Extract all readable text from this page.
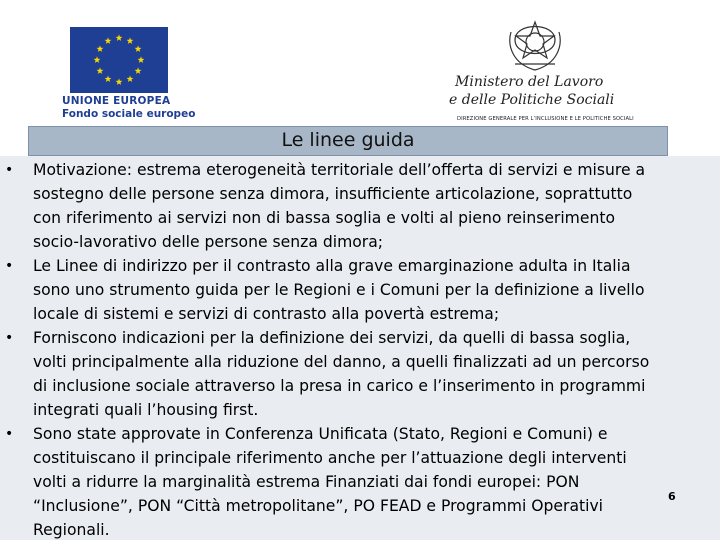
UNIONE EUROPEA
Fondo sociale europeo
Ministero del Lavoro
e delle Politiche Sociali
DIREZIONE GENERALE PER L’INCLUSIONE E LE POLITICHE SOCIALI
Le linee guida
• Motivazione: estrema eterogeneità territoriale dell’offerta di servizi e misure a sostegno delle persone senza dimora, insufficiente articolazione, soprattutto con riferimento ai servizi non di bassa soglia e volti al pieno reinserimento socio-lavorativo delle persone senza dimora;
• Le Linee di indirizzo per il contrasto alla grave emarginazione adulta in Italia sono uno strumento guida per le Regioni e i Comuni per la definizione a livello locale di sistemi e servizi di contrasto alla povertà estrema;
• Forniscono indicazioni per la definizione dei servizi, da quelli di bassa soglia, volti principalmente alla riduzione del danno, a quelli finalizzati ad un percorso di inclusione sociale attraverso la presa in carico e l’inserimento in programmi integrati quali l’housing first.
• Sono state approvate in Conferenza Unificata (Stato, Regioni e Comuni) e costituiscano il principale riferimento anche per l’attuazione degli interventi volti a ridurre la marginalità estrema Finanziati dai fondi europei: PON “Inclusione”, PON “Città metropolitane”, PO FEAD e Programmi Operativi Regionali.
6
